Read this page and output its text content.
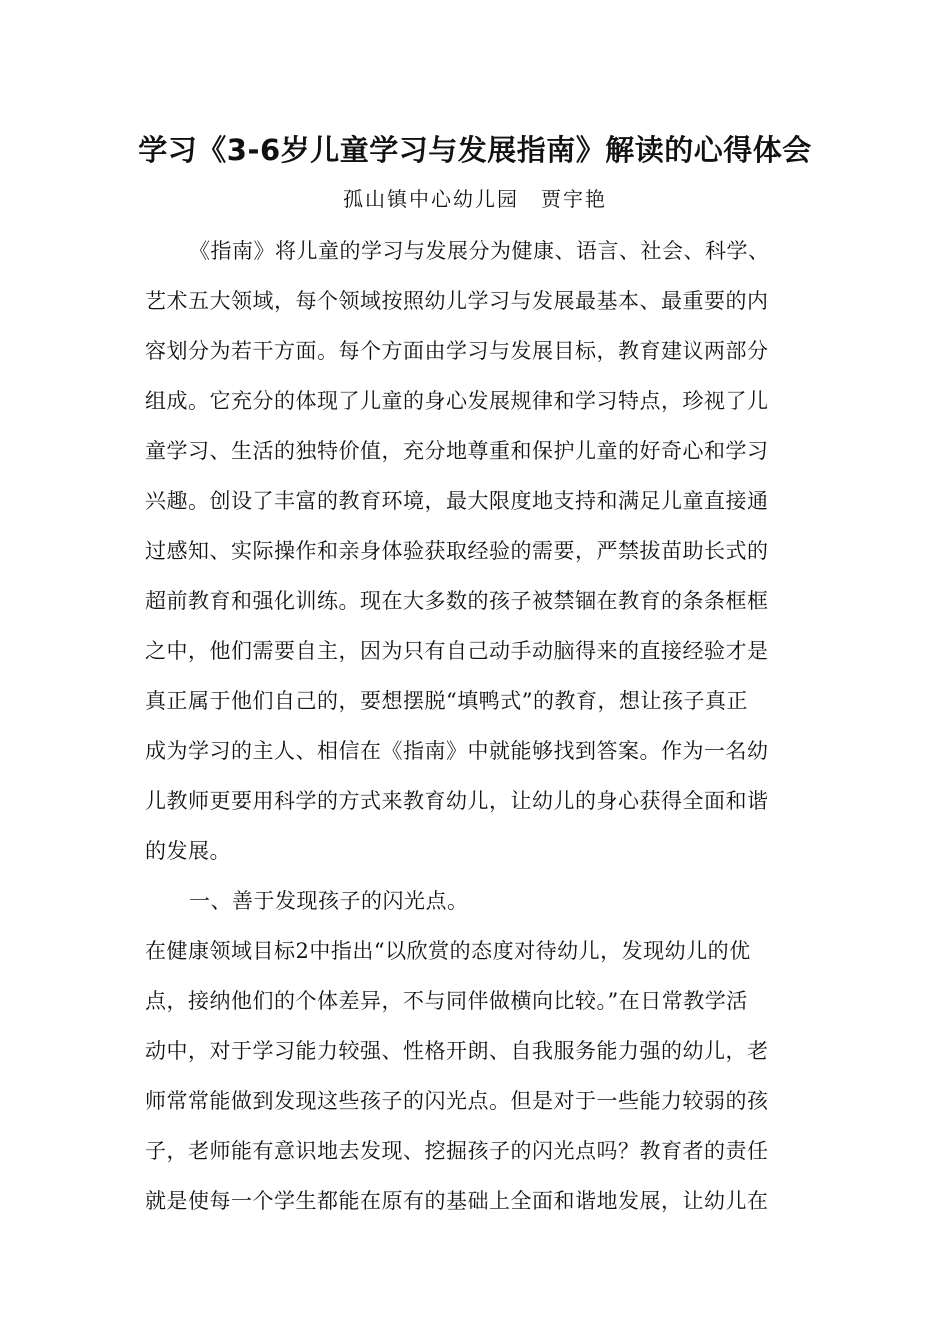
学习《3-6岁儿童学习与发展指南》解读的心得体会
孤山镇中心幼儿园 贾宇艳
《指南》将儿童的学习与发展分为健康、语言、社会、科学、
艺术五大领域，每个领域按照幼儿学习与发展最基本、最重要的内
容划分为若干方面。每个方面由学习与发展目标，教育建议两部分
组成。它充分的体现了儿童的身心发展规律和学习特点，珍视了儿
童学习、生活的独特价值，充分地尊重和保护儿童的好奇心和学习
兴趣。创设了丰富的教育环境，最大限度地支持和满足儿童直接通
过感知、实际操作和亲身体验获取经验的需要，严禁拔苗助长式的
超前教育和强化训练。现在大多数的孩子被禁锢在教育的条条框框
之中，他们需要自主，因为只有自己动手动脑得来的直接经验才是
真正属于他们自己的，要想摆脱“填鸭式”的教育，想让孩子真正
成为学习的主人、相信在《指南》中就能够找到答案。作为一名幼
儿教师更要用科学的方式来教育幼儿，让幼儿的身心获得全面和谐
的发展。
一、善于发现孩子的闪光点。
在健康领域目标2中指出“以欣赏的态度对待幼儿，发现幼儿的优
点，接纳他们的个体差异，不与同伴做横向比较。”在日常教学活
动中，对于学习能力较强、性格开朗、自我服务能力强的幼儿，老
师常常能做到发现这些孩子的闪光点。但是对于一些能力较弱的孩
子，老师能有意识地去发现、挖掘孩子的闪光点吗？教育者的责任
就是使每一个学生都能在原有的基础上全面和谐地发展，让幼儿在
